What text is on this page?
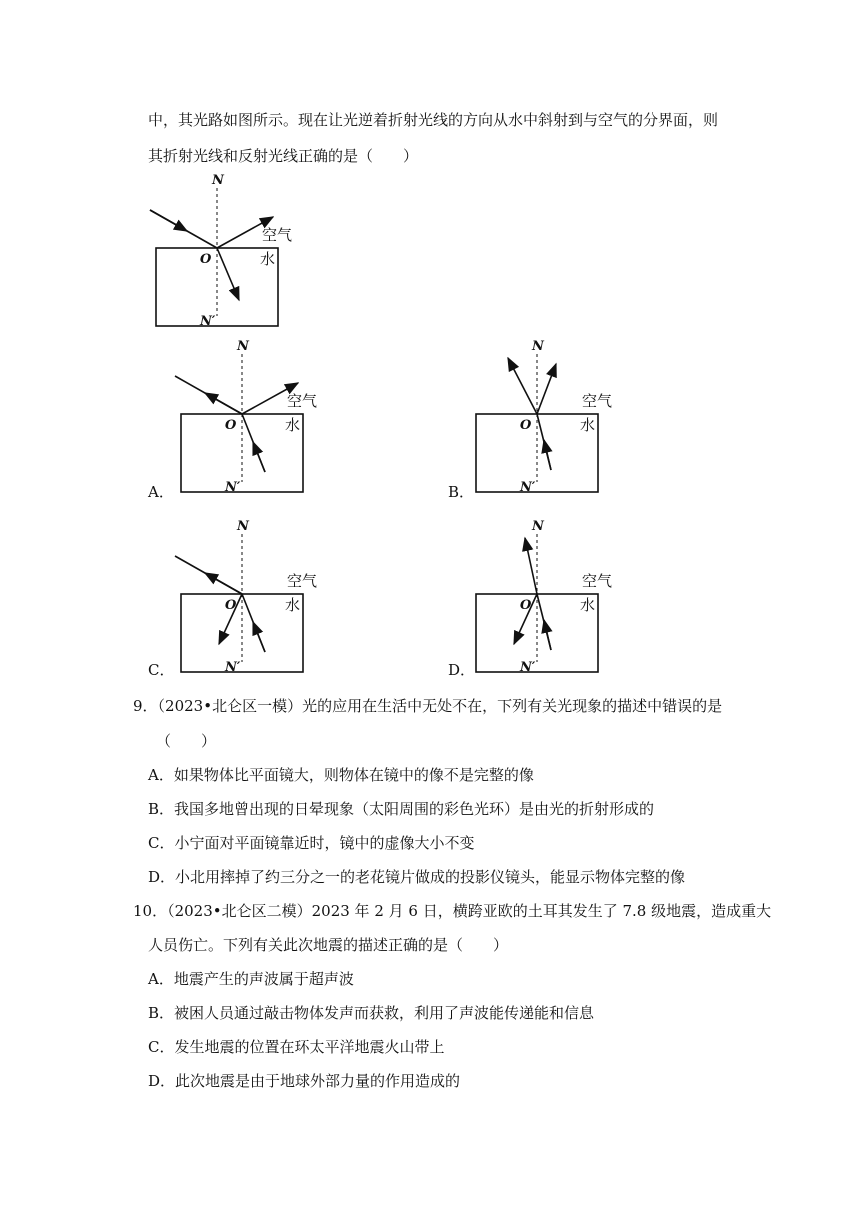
中，其光路如图所示。现在让光逆着折射光线的方向从水中斜射到与空气的分界面，则
其折射光线和反射光线正确的是（　　）
N
N′
O
空气
水
A．
N
N′
O
空气
水
B．
N
N′
O
空气
水
C．
N
N′
O
空气
水
D．
N
N′
O
空气
水
9．（2023•北仑区一模）光的应用在生活中无处不在，下列有关光现象的描述中错误的是
（　　）
A．如果物体比平面镜大，则物体在镜中的像不是完整的像
B．我国多地曾出现的日晕现象（太阳周围的彩色光环）是由光的折射形成的
C．小宁面对平面镜靠近时，镜中的虚像大小不变
D．小北用摔掉了约三分之一的老花镜片做成的投影仪镜头，能显示物体完整的像
10．（2023•北仑区二模）2023 年 2 月 6 日，横跨亚欧的土耳其发生了 7.8 级地震，造成重大
人员伤亡。下列有关此次地震的描述正确的是（　　）
A．地震产生的声波属于超声波
B．被困人员通过敲击物体发声而获救，利用了声波能传递能和信息
C．发生地震的位置在环太平洋地震火山带上
D．此次地震是由于地球外部力量的作用造成的
